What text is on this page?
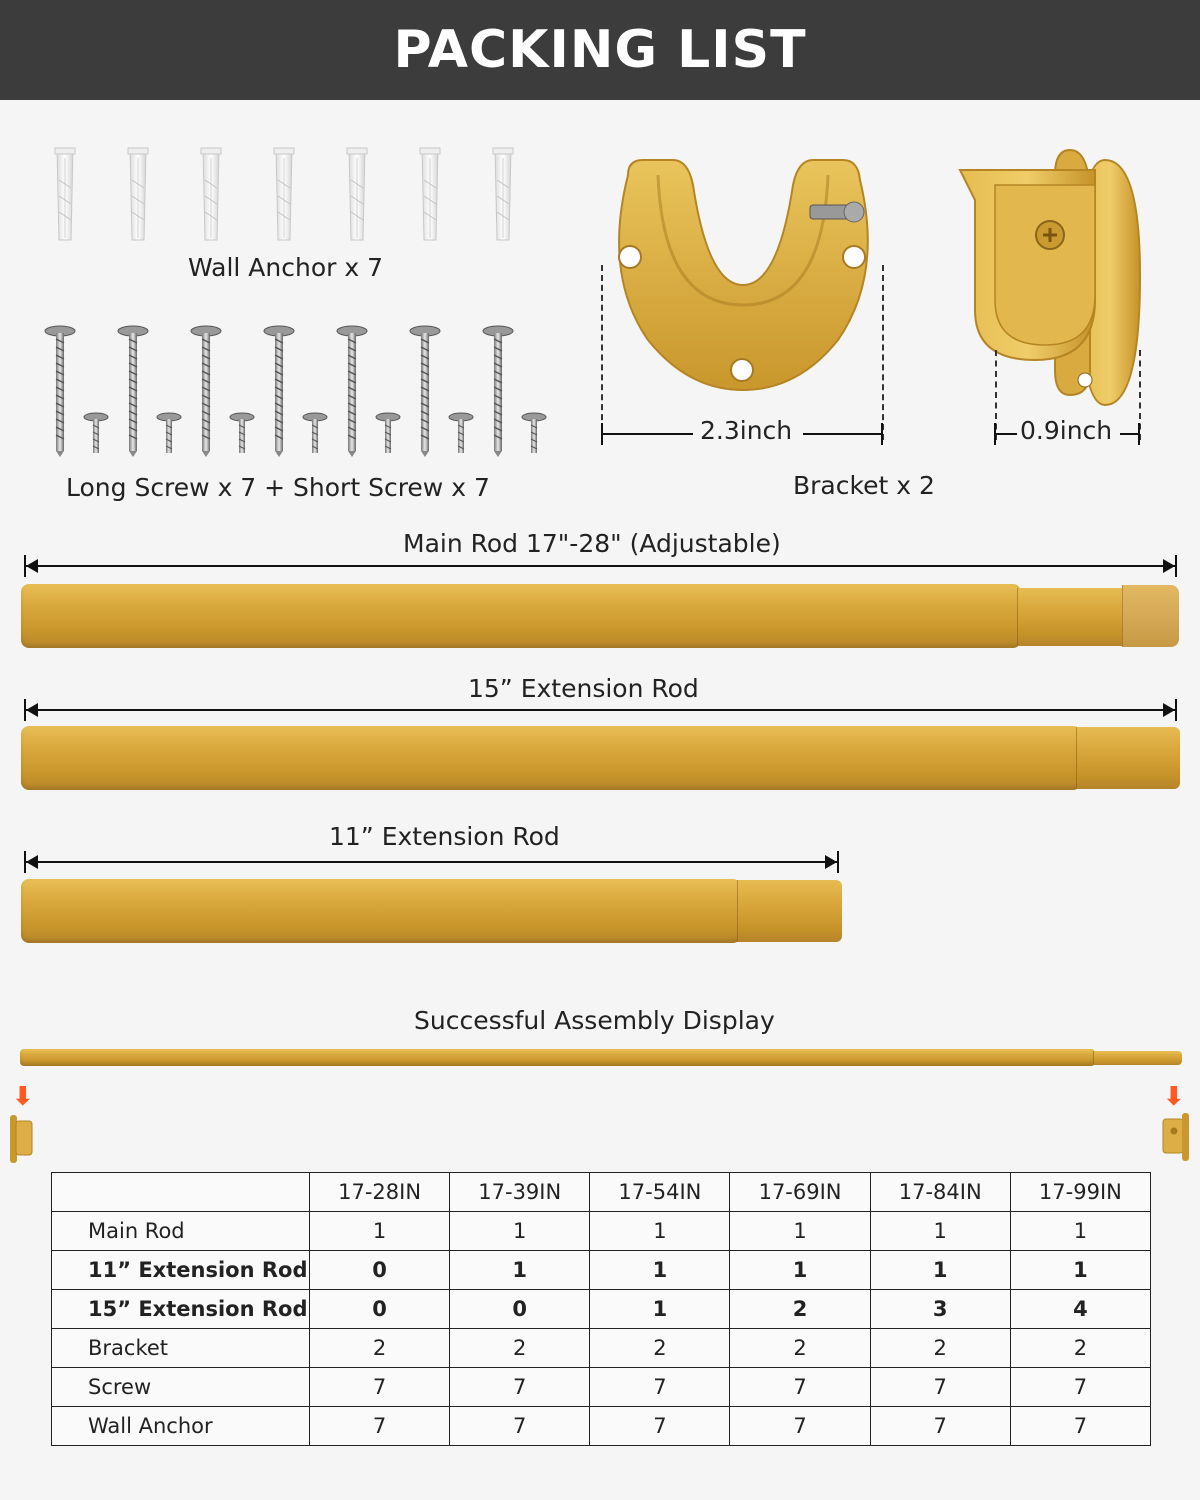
PACKING LIST
Wall Anchor x 7
Long Screw x 7 + Short Screw x 7
2.3inch	0.9inch
Bracket x 2
Main Rod 17"-28" (Adjustable)
15” Extension Rod
11” Extension Rod
Successful Assembly Display
⬇	⬇
	17-28IN	17-39IN	17-54IN	17-69IN	17-84IN	17-99IN
Main Rod	1	1	1	1	1	1
11” Extension Rod	0	1	1	1	1	1
15” Extension Rod	0	0	1	2	3	4
Bracket	2	2	2	2	2	2
Screw	7	7	7	7	7	7
Wall Anchor	7	7	7	7	7	7
